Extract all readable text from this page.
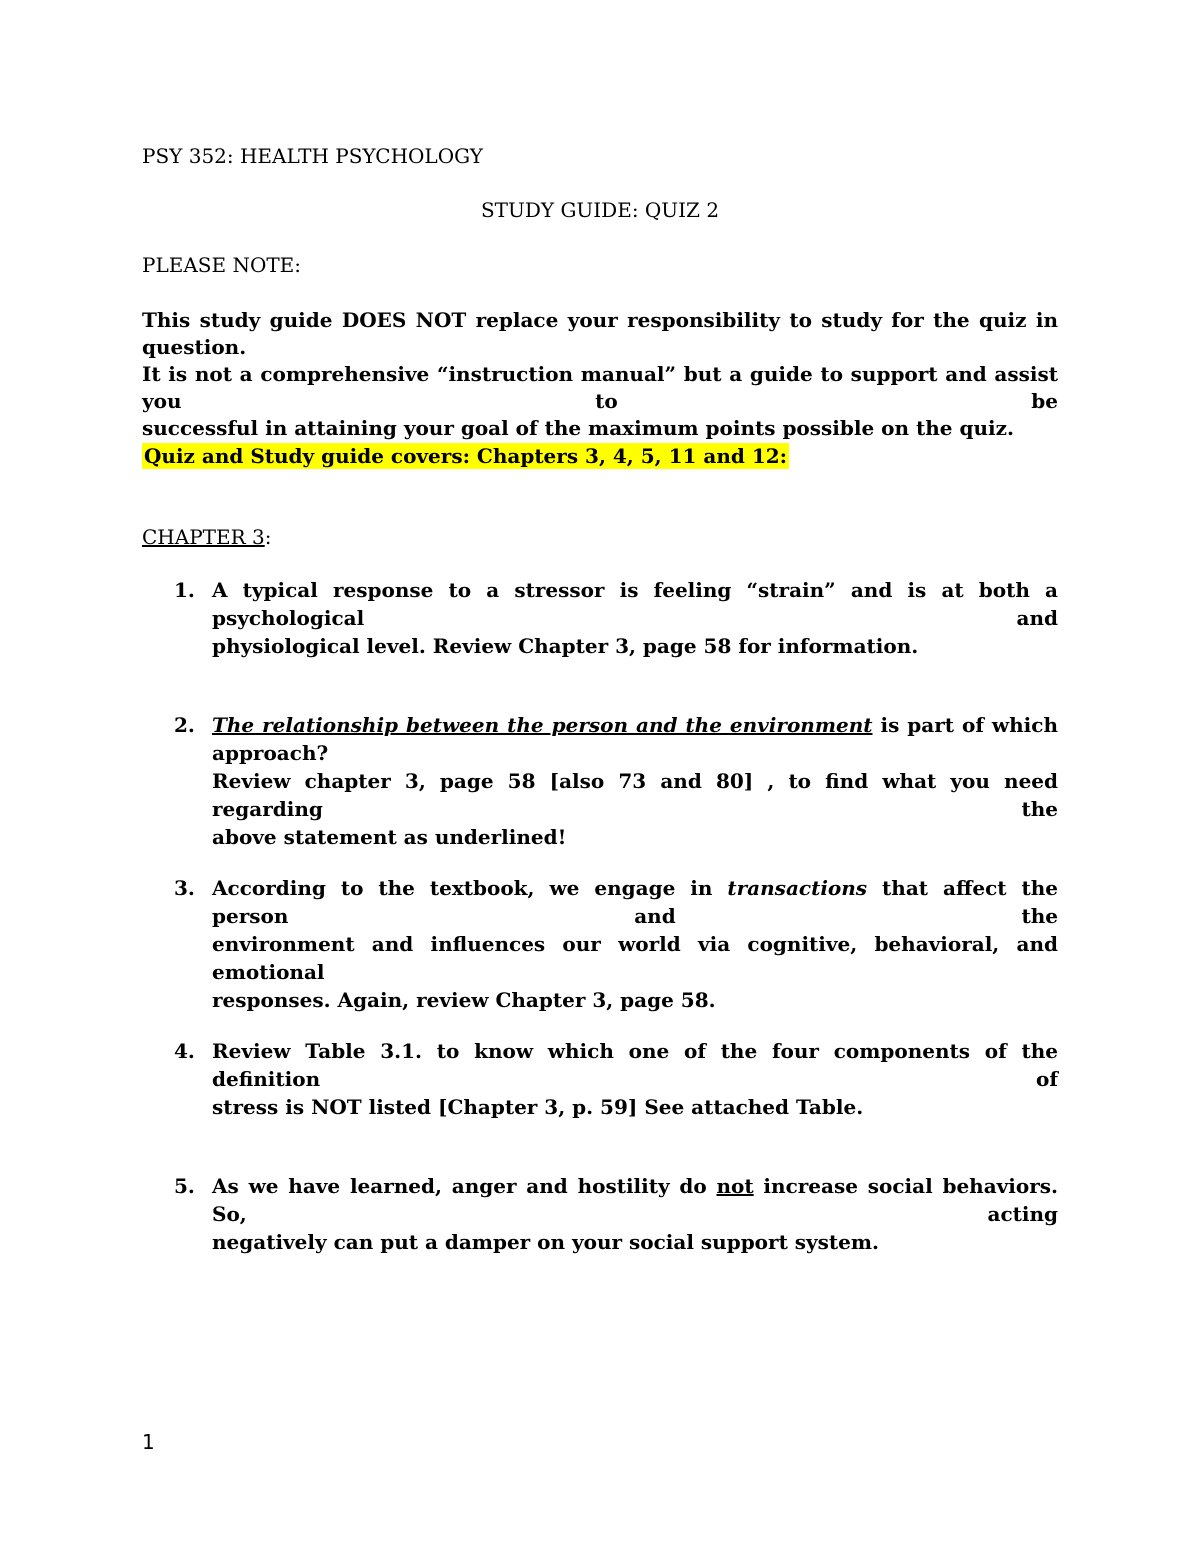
PSY 352: HEALTH PSYCHOLOGY
STUDY GUIDE: QUIZ 2
PLEASE NOTE:
This study guide DOES NOT replace your responsibility to study for the quiz in question.
It is not a comprehensive “instruction manual” but a guide to support and assist you to be
successful in attaining your goal of the maximum points possible on the quiz.
Quiz and Study guide covers: Chapters 3, 4, 5, 11 and 12:
CHAPTER 3:
1. A typical response to a stressor is feeling “strain” and is at both a psychological and
physiological level. Review Chapter 3, page 58 for information.
2. The relationship between the person and the environment is part of which approach?
Review chapter 3, page 58 [also 73 and 80] , to find what you need regarding the
above statement as underlined!
3. According to the textbook, we engage in transactions that affect the person and the
environment and influences our world via cognitive, behavioral, and emotional
responses. Again, review Chapter 3, page 58.
4. Review Table 3.1. to know which one of the four components of the definition of
stress is NOT listed [Chapter 3, p. 59] See attached Table.
5. As we have learned, anger and hostility do not increase social behaviors. So, acting
negatively can put a damper on your social support system.
1
